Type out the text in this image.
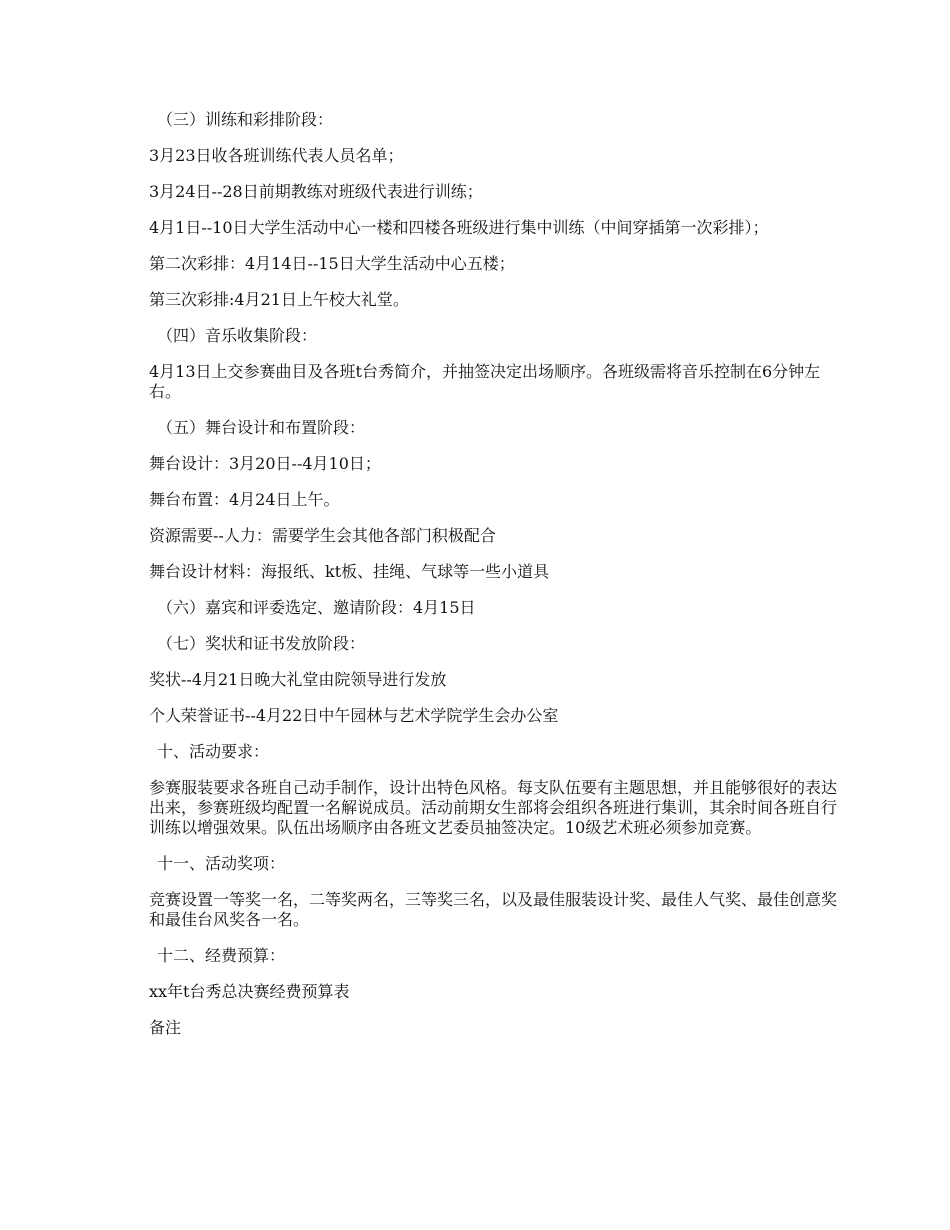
（三）训练和彩排阶段：

3月23日收各班训练代表人员名单；

3月24日--28日前期教练对班级代表进行训练；

4月1日--10日大学生活动中心一楼和四楼各班级进行集中训练（中间穿插第一次彩排）；

第二次彩排：4月14日--15日大学生活动中心五楼；

第三次彩排:4月21日上午校大礼堂。

（四）音乐收集阶段：

4月13日上交参赛曲目及各班t台秀简介，并抽签决定出场顺序。各班级需将音乐控制在6分钟左右。

（五）舞台设计和布置阶段：

舞台设计：3月20日--4月10日；

舞台布置：4月24日上午。

资源需要--人力：需要学生会其他各部门积极配合

舞台设计材料：海报纸、kt板、挂绳、气球等一些小道具

（六）嘉宾和评委选定、邀请阶段：4月15日

（七）奖状和证书发放阶段：

奖状--4月21日晚大礼堂由院领导进行发放

个人荣誉证书--4月22日中午园林与艺术学院学生会办公室

十、活动要求：

参赛服装要求各班自己动手制作，设计出特色风格。每支队伍要有主题思想，并且能够很好的表达出来，参赛班级均配置一名解说成员。活动前期女生部将会组织各班进行集训，其余时间各班自行训练以增强效果。队伍出场顺序由各班文艺委员抽签决定。10级艺术班必须参加竞赛。

十一、活动奖项：

竞赛设置一等奖一名，二等奖两名，三等奖三名，以及最佳服装设计奖、最佳人气奖、最佳创意奖和最佳台风奖各一名。

十二、经费预算：

xx年t台秀总决赛经费预算表

备注
